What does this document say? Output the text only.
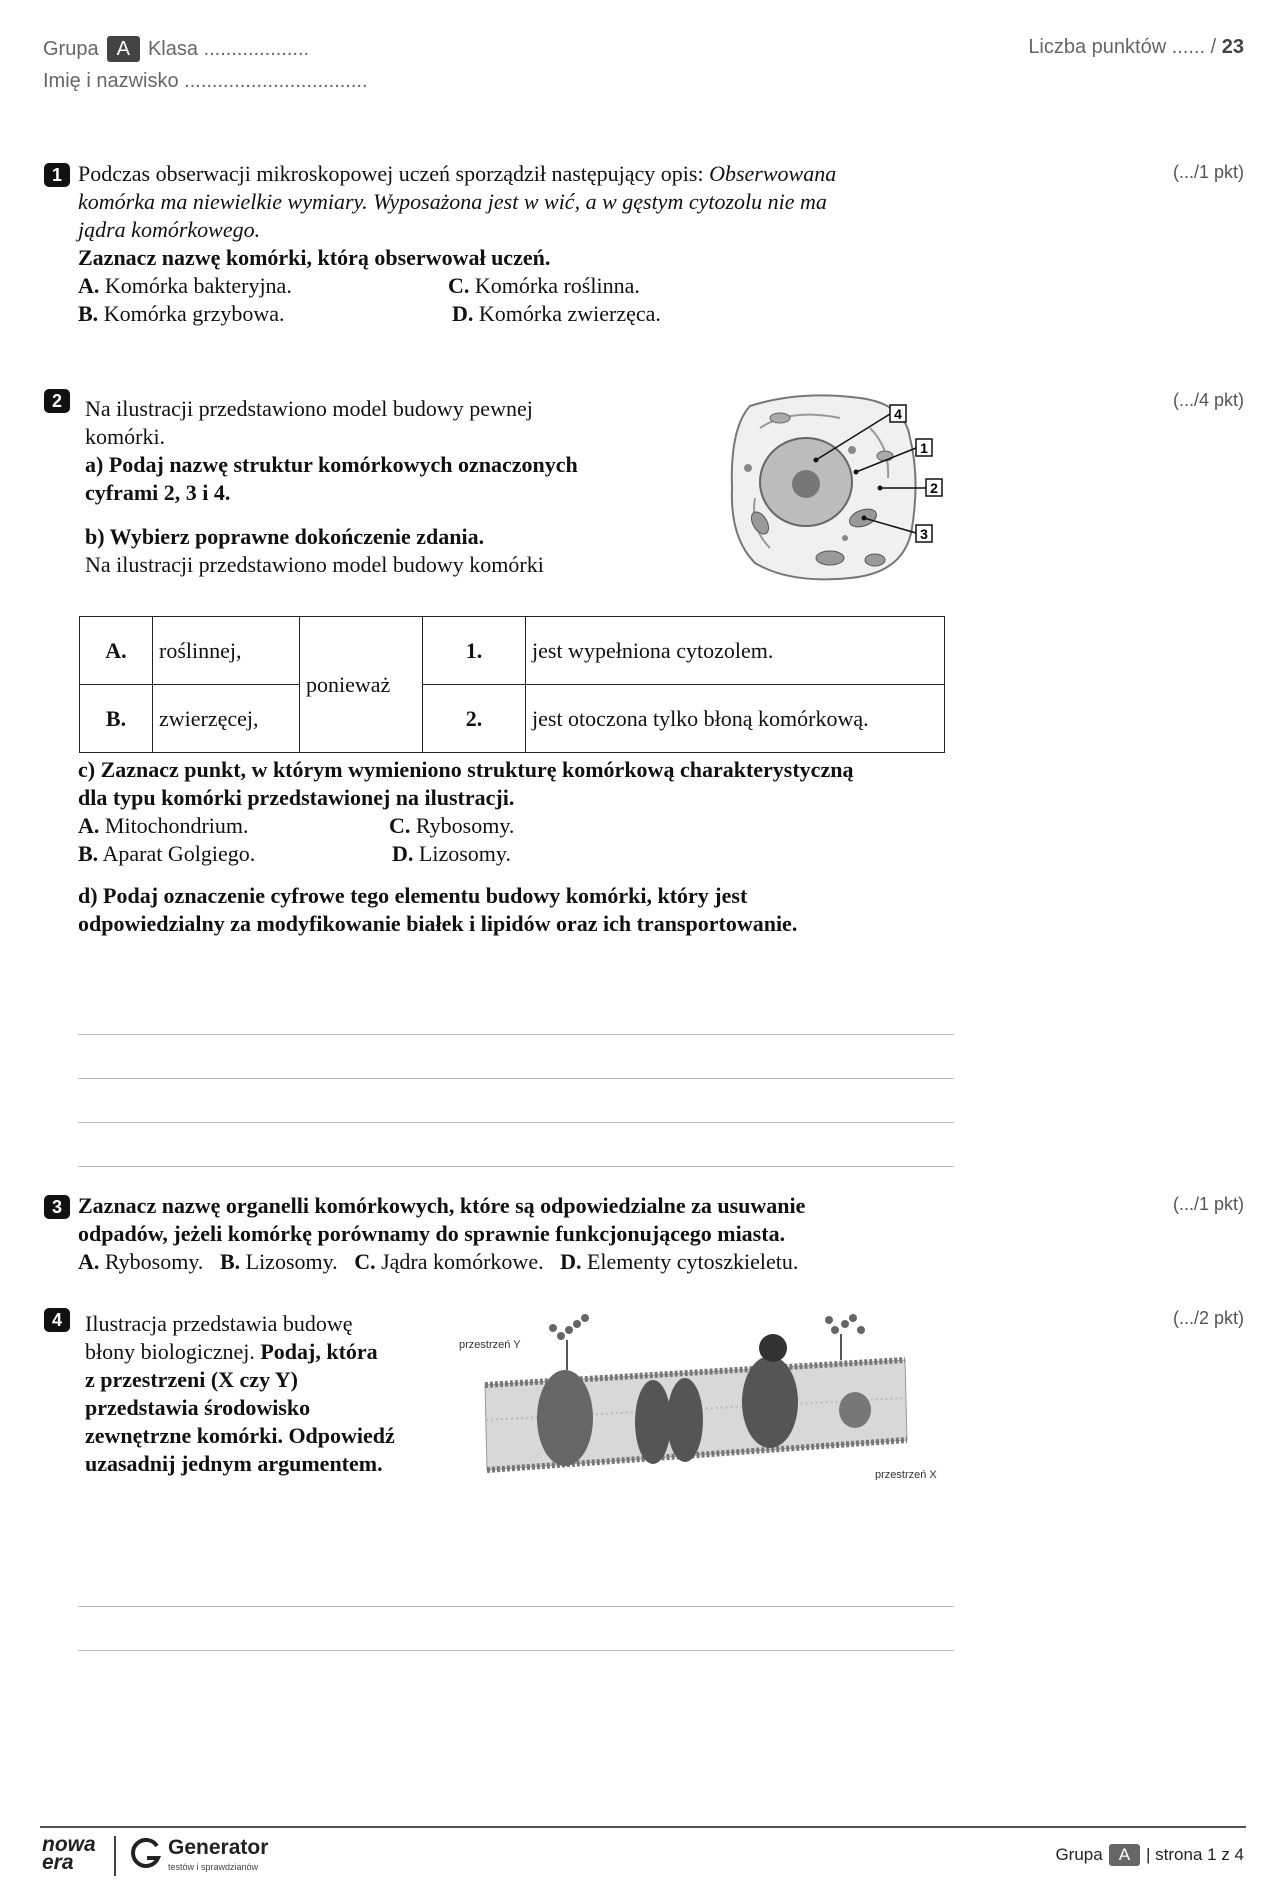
Grupa A Klasa ...................
Imię i nazwisko .................................
Liczba punktów ...... / 23
1	(.../1 pkt)
Podczas obserwacji mikroskopowej uczeń sporządził następujący opis: Obserwowana
komórka ma niewielkie wymiary. Wyposażona jest w wić, a w gęstym cytozolu nie ma
jądra komórkowego.
Zaznacz nazwę komórki, którą obserwował uczeń.
A. Komórka bakteryjna.	C. Komórka roślinna.
B. Komórka grzybowa.	D. Komórka zwierzęca.
2	(.../4 pkt)
Na ilustracji przedstawiono model budowy pewnej
komórki.
a) Podaj nazwę struktur komórkowych oznaczonych
cyframi 2, 3 i 4.
b) Wybierz poprawne dokończenie zdania.
Na ilustracji przedstawiono model budowy komórki
4
1
2
3
A.	roślinnej,	ponieważ	1.	jest wypełniona cytozolem.
B.	zwierzęcej,		2.	jest otoczona tylko błoną komórkową.
c) Zaznacz punkt, w którym wymieniono strukturę komórkową charakterystyczną
dla typu komórki przedstawionej na ilustracji.
A. Mitochondrium.	C. Rybosomy.
B. Aparat Golgiego.	D. Lizosomy.
d) Podaj oznaczenie cyfrowe tego elementu budowy komórki, który jest
odpowiedzialny za modyfikowanie białek i lipidów oraz ich transportowanie.
3	(.../1 pkt)
Zaznacz nazwę organelli komórkowych, które są odpowiedzialne za usuwanie
odpadów, jeżeli komórkę porównamy do sprawnie funkcjonującego miasta.
A. Rybosomy. B. Lizosomy. C. Jądra komórkowe. D. Elementy cytoszkieletu.
4	(.../2 pkt)
Ilustracja przedstawia budowę
błony biologicznej. Podaj, która
z przestrzeni (X czy Y)
przedstawia środowisko
zewnętrzne komórki. Odpowiedź
uzasadnij jednym argumentem.
przestrzeń Y
przestrzeń X
nowa
era
Generator
testów i sprawdzianów
Grupa A | strona 1 z 4
